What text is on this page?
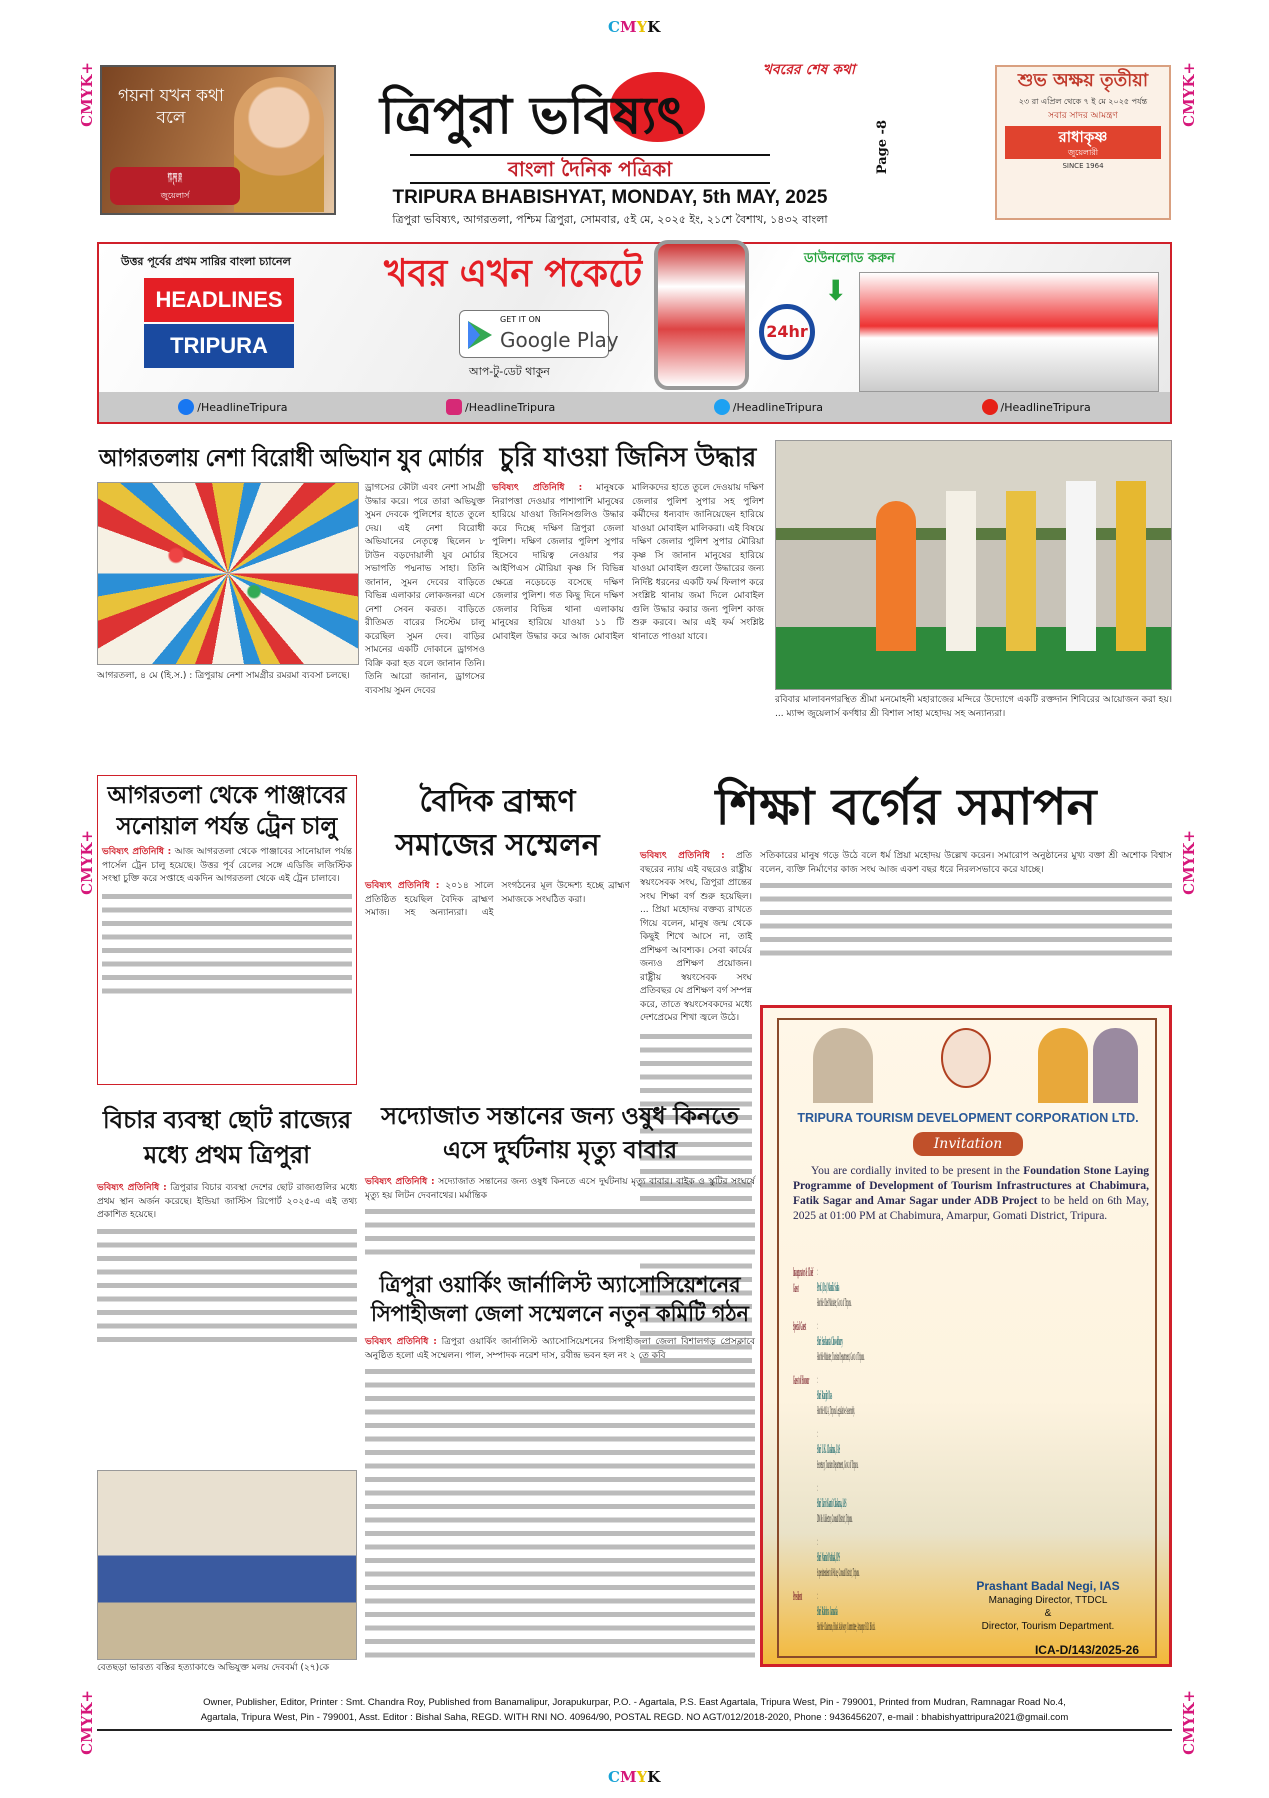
CMYK
CMYK
CMYK+
CMYK+
CMYK+
CMYK+
CMYK+
CMYK+
গয়না যখন কথা বলে
শ্যাম সুন্দর কোং
জুয়েলার্স
ত্রিপুরা ভবিষ্যৎ
খবরের শেষ কথা
বাংলা দৈনিক পত্রিকা	Page -8
TRIPURA BHABISHYAT, MONDAY, 5th MAY, 2025
ত্রিপুরা ভবিষ্যৎ, আগরতলা, পশ্চিম ত্রিপুরা, সোমবার, ৫ই মে, ২০২৫ ইং, ২১শে বৈশাখ, ১৪৩২ বাংলা
শুভ অক্ষয় তৃতীয়া
২৩ রা এপ্রিল থেকে ৭ ই মে ২০২৫ পর্যন্ত
সবার সাদর আমন্ত্রণ
রাধাকৃষ্ণ
জুয়েলারী
SINCE 1964
উত্তর পূর্বের প্রথম সারির বাংলা চ্যানেল
HEADLINES
TRIPURA
খবর এখন পকেটে
GET IT ON
Google Play
আপ-টু-ডেট থাকুন
24hr
ডাউনলোড করুন
⬇
/HeadlineTripura	/HeadlineTripura	/HeadlineTripura	/HeadlineTripura
আগরতলায় নেশা বিরোধী অভিযান যুব মোর্চার
আগরতলা, ৪ মে (হি.স.) : ত্রিপুরায় নেশা সামগ্রীর রমরমা ব্যবসা চলছে।
ড্রাগসের কৌটা এবং নেশা সামগ্রী উদ্ধার করে। পরে তারা অভিযুক্ত সুমন দেবকে পুলিশের হাতে তুলে দেয়। এই নেশা বিরোধী অভিযানের নেতৃত্বে ছিলেন ৮ টাউন বড়দোয়ালী যুব মোর্চার সভাপতি পদ্মনাভ সাহা। তিনি জানান, সুমন দেবের বাড়িতে বিভিন্ন এলাকার লোকজনরা এসে নেশা সেবন করত। বাড়িতে রীতিমত বারের সিস্টেম চালু করেছিল সুমন দেব। বাড়ির সামনের একটি দোকানে ড্রাগসও বিক্রি করা হত বলে জানান তিনি। তিনি আরো জানান, ড্রাগসের ব্যবসায় সুমন দেবের
চুরি যাওয়া জিনিস উদ্ধার
ভবিষ্যৎ প্রতিনিধি : মানুষকে নিরাপত্তা দেওয়ার পাশাপাশি মানুষের হারিয়ে যাওয়া জিনিসগুলিও উদ্ধার করে দিচ্ছে দক্ষিণ ত্রিপুরা জেলা পুলিশ। দক্ষিণ জেলার পুলিশ সুপার হিসেবে দায়িত্ব নেওয়ার পর আইপিএস মৌরিয়া কৃষ্ণ সি বিভিন্ন ক্ষেত্রে নড়েচড়ে বসেছে দক্ষিণ জেলার পুলিশ। গত কিছু দিনে দক্ষিণ জেলার বিভিন্ন থানা এলাকায় মানুষের হারিয়ে যাওয়া ১১ টি মোবাইল উদ্ধার করে আজ মোবাইল মালিকদের হাতে তুলে দেওয়ায় দক্ষিণ জেলার পুলিশ সুপার সহ পুলিশ কর্মীদের ধন্যবাদ জানিয়েছেন হারিয়ে যাওয়া মোবাইল মালিকরা। এই বিষয়ে দক্ষিণ জেলার পুলিশ সুপার মৌরিয়া কৃষ্ণ সি জানান মানুষের হারিয়ে যাওয়া মোবাইল গুলো উদ্ধারের জন্য নির্দিষ্ট ধরনের একটি ফর্ম ফিলাপ করে সংশ্লিষ্ট থানায় জমা দিলে মোবাইল গুলি উদ্ধার করার জন্য পুলিশ কাজ শুরু করবে। আর এই ফর্ম সংশ্লিষ্ট থানাতে পাওয়া যাবে।
রবিবার মালাবনগরস্থিত শ্রীমা মনমোহনী মহারাজের মন্দিরে উদ্যোগে একটি রক্তদান শিবিরের আয়োজন করা হয়। ... ম্যাপ্স জুয়েলার্স কর্ণধার শ্রী বিশাল সাহা মহোদয় সহ অন্যান্যরা।
আগরতলা থেকে পাঞ্জাবের সনোয়াল পর্যন্ত ট্রেন চালু
ভবিষ্যৎ প্রতিনিধি : আজ আগরতলা থেকে পাঞ্জাবের সানোয়াল পর্যন্ত পার্সেল ট্রেন চালু হয়েছে। উত্তর পূর্ব রেলের সঙ্গে এডিজি লজিস্টিক সংস্থা চুক্তি করে সপ্তাহে একদিন আগরতলা থেকে এই ট্রেন চালাবে।
বৈদিক ব্রাহ্মণ সমাজের সম্মেলন
ভবিষ্যৎ প্রতিনিধি : ২০১৪ সালে প্রতিষ্ঠিত হয়েছিল বৈদিক ব্রাহ্মণ সমাজ। সহ অন্যান্যরা। এই সংগঠনের মূল উদ্দেশ্য হচ্ছে ব্রাহ্মণ সমাজকে সংঘঠিত করা।
শিক্ষা বর্গের সমাপন
ভবিষ্যৎ প্রতিনিধি : প্রতি বছরের ন্যায় এই বছরেও রাষ্ট্রীয় স্বয়ংসেবক সংঘ, ত্রিপুরা প্রান্তের সংঘ শিক্ষা বর্গ শুরু হয়েছিল। ... প্রিয়া মহোদয় বক্তব্য রাখতে গিয়ে বলেন, মানুষ জন্ম থেকে কিছুই শিখে আসে না, তাই প্রশিক্ষণ আবশ্যক। সেবা কার্যের জন্যও প্রশিক্ষণ প্রয়োজন। রাষ্ট্রীয় স্বয়ংসেবক সংঘ প্রতিবছর যে প্রশিক্ষণ বর্গ সম্পন্ন করে, তাতে স্বয়ংসেবকদের মধ্যে দেশপ্রেমের শিখা জ্বলে উঠে।
সতিকারের মানুষ গড়ে উঠে বলে ধর্ম প্রিয়া মহোদয় উল্লেখ করেন। সমারোপ অনুষ্ঠানের মুখ্য বক্তা শ্রী অশোক বিশ্বাস বলেন, ব্যক্তি নির্মাণের কাজ সংঘ আজ একশ বছর ধরে নিরলসভাবে করে যাচ্ছে।
TRIPURA TOURISM DEVELOPMENT CORPORATION LTD.
Invitation
You are cordially invited to be present in the Foundation Stone Laying Programme of Development of Tourism Infrastructures at Chabimura, Fatik Sagar and Amar Sagar under ADB Project to be held on 6th May, 2025 at 01:00 PM at Chabimura, Amarpur, Gomati District, Tripura.
Inaugurator & Chief Guest
:
Prof. (Dr.) Manik Saha
Hon'ble Chief Minister, Govt. of Tripura.
Special Guest :
Shri Sushanta Chowdhury
Hon'ble Minister, Tourism Department, Govt. of Tripura.
Guest of Honour :
Shri Ranjit Das
Hon'ble MLA, Tripura Legislative Assembly.
:
Shri U.K. Chakma, IAS
Secretary, Tourism Department, Govt. of Tripura.
:
Shri Tarit Kanti Chakma, IAS
DM & Collector, Gomati District, Tripura.
:
Shri Namit Pathak, IPS
Superintendent of Police, Gomati District, Tripura.
President	:
Shri Rabitra Jamatia
Hon'ble Chairman, Block Advisory Committee, Amarpur R.D. Block.
Prashant Badal Negi, IAS
Managing Director, TTDCL
&
Director, Tourism Department.
ICA-D/143/2025-26
বিচার ব্যবস্থা ছোট রাজ্যের মধ্যে প্রথম ত্রিপুরা
ভবিষ্যৎ প্রতিনিধি : ত্রিপুরার বিচার ব্যবস্থা দেশের ছোট রাজ্যগুলির মধ্যে প্রথম স্থান অর্জন করেছে। ইন্ডিয়া জাস্টিস রিপোর্ট ২০২৫-এ এই তথ্য প্রকাশিত হয়েছে।
বেতছড়া ভারত্য বস্তির হত্যাকাণ্ডে অভিযুক্ত মলয় দেববর্মা (২৭)কে
সদ্যোজাত সন্তানের জন্য ওষুধ কিনতে এসে দুর্ঘটনায় মৃত্যু বাবার
ভবিষ্যৎ প্রতিনিধি : সদ্যোজাত সন্তানের জন্য ওষুধ কিনতে এসে দুর্ঘটনায় মৃত্যু বাবার। বাইক ও স্কুটির সংঘর্ষে মৃত্যু হয় লিটন দেবনাথের। মর্মান্তিক
ত্রিপুরা ওয়ার্কিং জার্নালিস্ট অ্যাসোসিয়েশনের সিপাহীজলা জেলা সম্মেলনে নতুন কমিটি গঠন
ভবিষ্যৎ প্রতিনিধি : ত্রিপুরা ওয়ার্কিং জার্নালিস্ট অ্যাসোসিয়েশনের সিপাহীজলা জেলা বিশালগড় প্রেসক্লাবে অনুষ্ঠিত হলো এই সম্মেলন। পাল, সম্পাদক নরেশ দাস, রবীন্দ্র ভবন হল নং ২ তে কবি
Owner, Publisher, Editor, Printer : Smt. Chandra Roy, Published from Banamalipur, Jorapukurpar, P.O. - Agartala, P.S. East Agartala, Tripura West, Pin - 799001, Printed from Mudran, Ramnagar Road No.4,
Agartala, Tripura West, Pin - 799001, Asst. Editor : Bishal Saha, REGD. WITH RNI NO. 40964/90, POSTAL REGD. NO AGT/012/2018-2020, Phone : 9436456207, e-mail : bhabishyattripura2021@gmail.com
